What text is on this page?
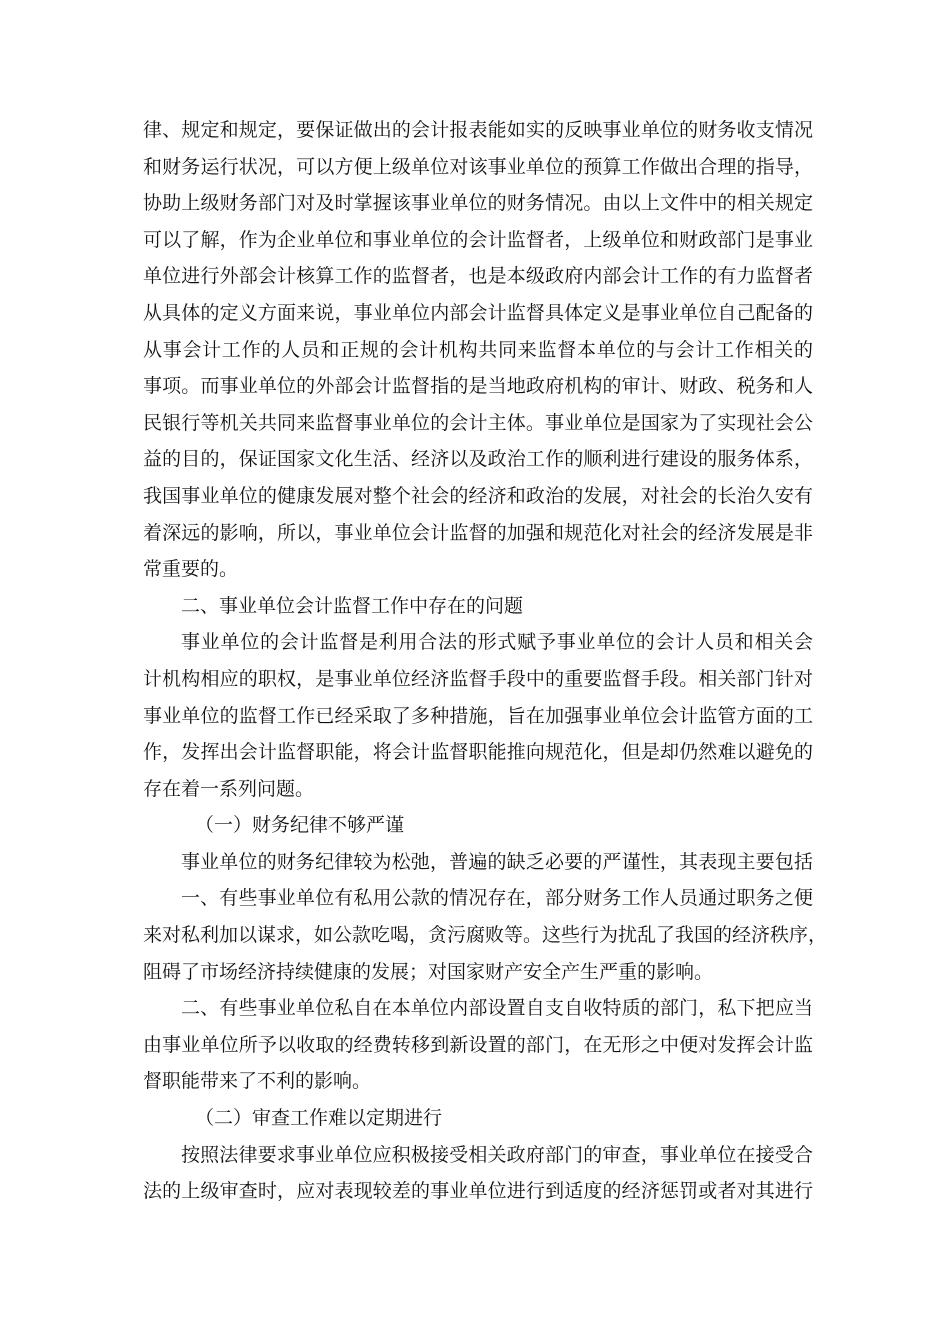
律、规定和规定，要保证做出的会计报表能如实的反映事业单位的财务收支情况
和财务运行状况，可以方便上级单位对该事业单位的预算工作做出合理的指导，
协助上级财务部门对及时掌握该事业单位的财务情况。由以上文件中的相关规定
可以了解，作为企业单位和事业单位的会计监督者，上级单位和财政部门是事业
单位进行外部会计核算工作的监督者，也是本级政府内部会计工作的有力监督者
从具体的定义方面来说，事业单位内部会计监督具体定义是事业单位自己配备的
从事会计工作的人员和正规的会计机构共同来监督本单位的与会计工作相关的
事项。而事业单位的外部会计监督指的是当地政府机构的审计、财政、税务和人
民银行等机关共同来监督事业单位的会计主体。事业单位是国家为了实现社会公
益的目的，保证国家文化生活、经济以及政治工作的顺利进行建设的服务体系，
我国事业单位的健康发展对整个社会的经济和政治的发展，对社会的长治久安有
着深远的影响，所以，事业单位会计监督的加强和规范化对社会的经济发展是非
常重要的。
二、事业单位会计监督工作中存在的问题
事业单位的会计监督是利用合法的形式赋予事业单位的会计人员和相关会
计机构相应的职权，是事业单位经济监督手段中的重要监督手段。相关部门针对
事业单位的监督工作已经采取了多种措施，旨在加强事业单位会计监管方面的工
作，发挥出会计监督职能，将会计监督职能推向规范化，但是却仍然难以避免的
存在着一系列问题。
（一）财务纪律不够严谨
事业单位的财务纪律较为松弛，普遍的缺乏必要的严谨性，其表现主要包括
一、有些事业单位有私用公款的情况存在，部分财务工作人员通过职务之便
来对私利加以谋求，如公款吃喝，贪污腐败等。这些行为扰乱了我国的经济秩序，
阻碍了市场经济持续健康的发展；对国家财产安全产生严重的影响。
二、有些事业单位私自在本单位内部设置自支自收特质的部门，私下把应当
由事业单位所予以收取的经费转移到新设置的部门，在无形之中便对发挥会计监
督职能带来了不利的影响。
（二）审查工作难以定期进行
按照法律要求事业单位应积极接受相关政府部门的审查，事业单位在接受合
法的上级审查时，应对表现较差的事业单位进行到适度的经济惩罚或者对其进行
